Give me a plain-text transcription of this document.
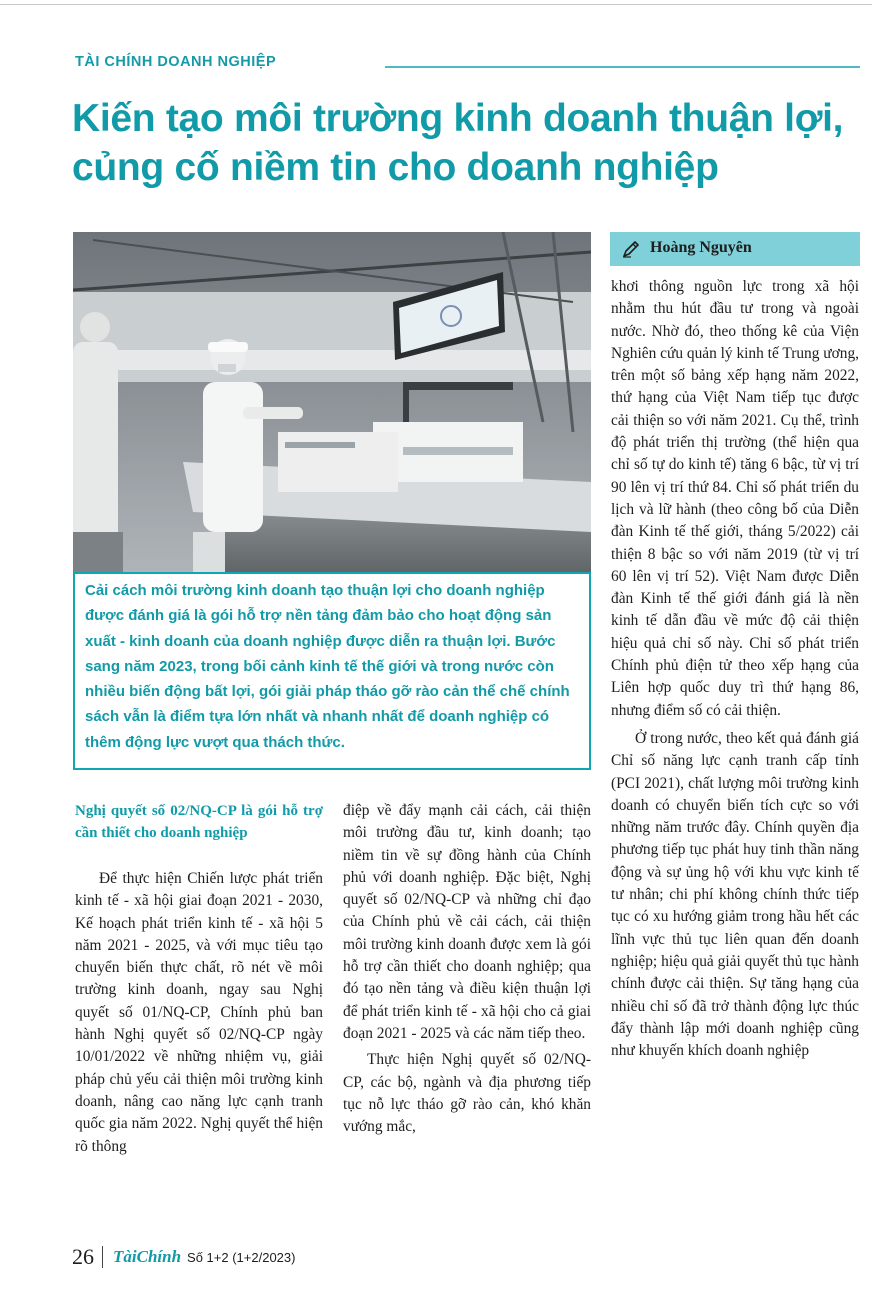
TÀI CHÍNH DOANH NGHIỆP
Kiến tạo môi trường kinh doanh thuận lợi,
củng cố niềm tin cho doanh nghiệp
Hoàng Nguyên
Cải cách môi trường kinh doanh tạo thuận lợi cho doanh nghiệp được đánh giá là gói hỗ trợ nền tảng đảm bảo cho hoạt động sản xuất - kinh doanh của doanh nghiệp được diễn ra thuận lợi. Bước sang năm 2023, trong bối cảnh kinh tế thế giới và trong nước còn nhiều biến động bất lợi, gói giải pháp tháo gỡ rào cản thể chế chính sách vẫn là điểm tựa lớn nhất và nhanh nhất để doanh nghiệp có thêm động lực vượt qua thách thức.
Nghị quyết số 02/NQ-CP là gói hỗ trợ cần thiết cho doanh nghiệp

Để thực hiện Chiến lược phát triển kinh tế - xã hội giai đoạn 2021 - 2030, Kế hoạch phát triển kinh tế - xã hội 5 năm 2021 - 2025, và với mục tiêu tạo chuyển biến thực chất, rõ nét về môi trường kinh doanh, ngay sau Nghị quyết số 01/NQ-CP, Chính phủ ban hành Nghị quyết số 02/NQ-CP ngày 10/01/2022 về những nhiệm vụ, giải pháp chủ yếu cải thiện môi trường kinh doanh, nâng cao năng lực cạnh tranh quốc gia năm 2022. Nghị quyết thể hiện rõ thông

điệp về đẩy mạnh cải cách, cải thiện môi trường đầu tư, kinh doanh; tạo niềm tin về sự đồng hành của Chính phủ với doanh nghiệp. Đặc biệt, Nghị quyết số 02/NQ-CP và những chỉ đạo của Chính phủ về cải cách, cải thiện môi trường kinh doanh được xem là gói hỗ trợ cần thiết cho doanh nghiệp; qua đó tạo nền tảng và điều kiện thuận lợi để phát triển kinh tế - xã hội cho cả giai đoạn 2021 - 2025 và các năm tiếp theo.

Thực hiện Nghị quyết số 02/NQ-CP, các bộ, ngành và địa phương tiếp tục nỗ lực tháo gỡ rào cản, khó khăn vướng mắc,

khơi thông nguồn lực trong xã hội nhằm thu hút đầu tư trong và ngoài nước. Nhờ đó, theo thống kê của Viện Nghiên cứu quản lý kinh tế Trung ương, trên một số bảng xếp hạng năm 2022, thứ hạng của Việt Nam tiếp tục được cải thiện so với năm 2021. Cụ thể, trình độ phát triển thị trường (thể hiện qua chỉ số tự do kinh tế) tăng 6 bậc, từ vị trí 90 lên vị trí thứ 84. Chỉ số phát triển du lịch và lữ hành (theo công bố của Diễn đàn Kinh tế thế giới, tháng 5/2022) cải thiện 8 bậc so với năm 2019 (từ vị trí 60 lên vị trí 52). Việt Nam được Diễn đàn Kinh tế thế giới đánh giá là nền kinh tế dẫn đầu về mức độ cải thiện hiệu quả chỉ số này. Chỉ số phát triển Chính phủ điện tử theo xếp hạng của Liên hợp quốc duy trì thứ hạng 86, nhưng điểm số có cải thiện.

Ở trong nước, theo kết quả đánh giá Chỉ số năng lực cạnh tranh cấp tỉnh (PCI 2021), chất lượng môi trường kinh doanh có chuyển biến tích cực so với những năm trước đây. Chính quyền địa phương tiếp tục phát huy tinh thần năng động và sự ủng hộ với khu vực kinh tế tư nhân; chi phí không chính thức tiếp tục có xu hướng giảm trong hầu hết các lĩnh vực thủ tục liên quan đến doanh nghiệp; hiệu quả giải quyết thủ tục hành chính được cải thiện. Sự tăng hạng của nhiều chỉ số đã trở thành động lực thúc đẩy thành lập mới doanh nghiệp cũng như khuyến khích doanh nghiệp

26 TàiChính Số 1+2 (1+2/2023)
